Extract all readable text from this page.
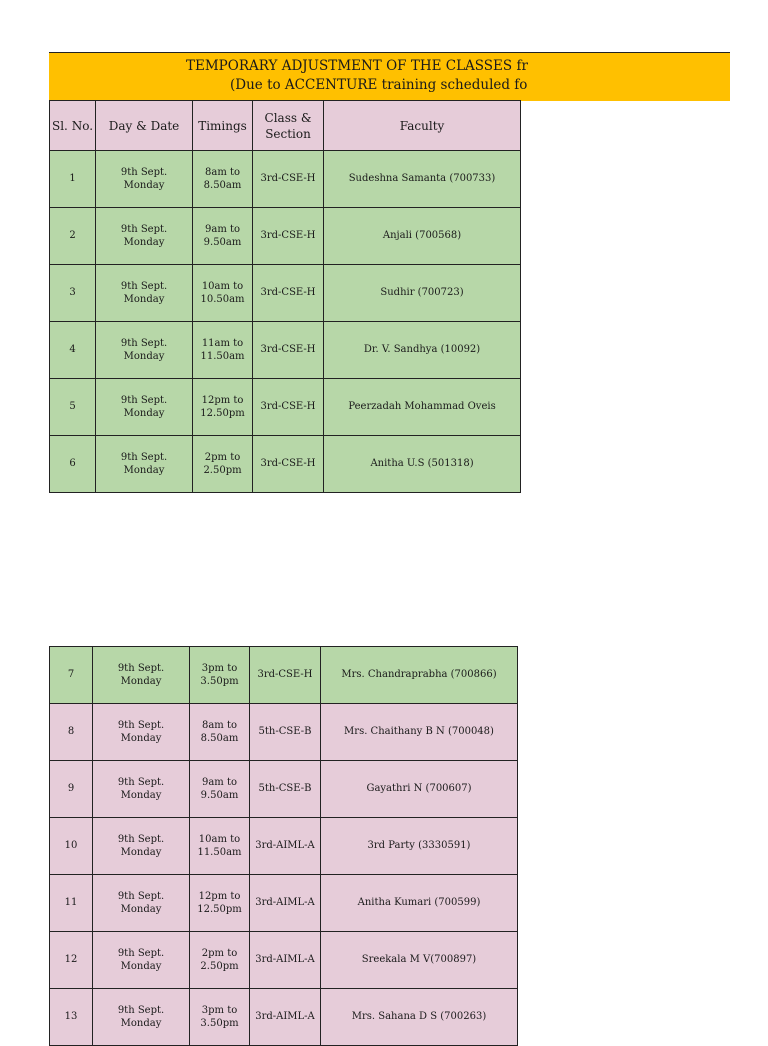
TEMPORARY ADJUSTMENT OF THE CLASSES fr
(Due to ACCENTURE training scheduled fo
Sl. No.	Day & Date	Timings	Class &
Section	Faculty
1	9th Sept.
Monday	8am to
8.50am	3rd-CSE-H	Sudeshna Samanta (700733)
2	9th Sept.
Monday	9am to
9.50am	3rd-CSE-H	Anjali (700568)
3	9th Sept.
Monday	10am to
10.50am	3rd-CSE-H	Sudhir (700723)
4	9th Sept.
Monday	11am to
11.50am	3rd-CSE-H	Dr. V. Sandhya (10092)
5	9th Sept.
Monday	12pm to
12.50pm	3rd-CSE-H	Peerzadah Mohammad Oveis
6	9th Sept.
Monday	2pm to
2.50pm	3rd-CSE-H	Anitha U.S (501318)
7	9th Sept.
Monday	3pm to
3.50pm	3rd-CSE-H	Mrs. Chandraprabha (700866)
8	9th Sept.
Monday	8am to
8.50am	5th-CSE-B	Mrs. Chaithany B N (700048)
9	9th Sept.
Monday	9am to
9.50am	5th-CSE-B	Gayathri N (700607)
10	9th Sept.
Monday	10am to
11.50am	3rd-AIML-A	3rd Party (3330591)
11	9th Sept.
Monday	12pm to
12.50pm	3rd-AIML-A	Anitha Kumari (700599)
12	9th Sept.
Monday	2pm to
2.50pm	3rd-AIML-A	Sreekala M V(700897)
13	9th Sept.
Monday	3pm to
3.50pm	3rd-AIML-A	Mrs. Sahana D S (700263)
